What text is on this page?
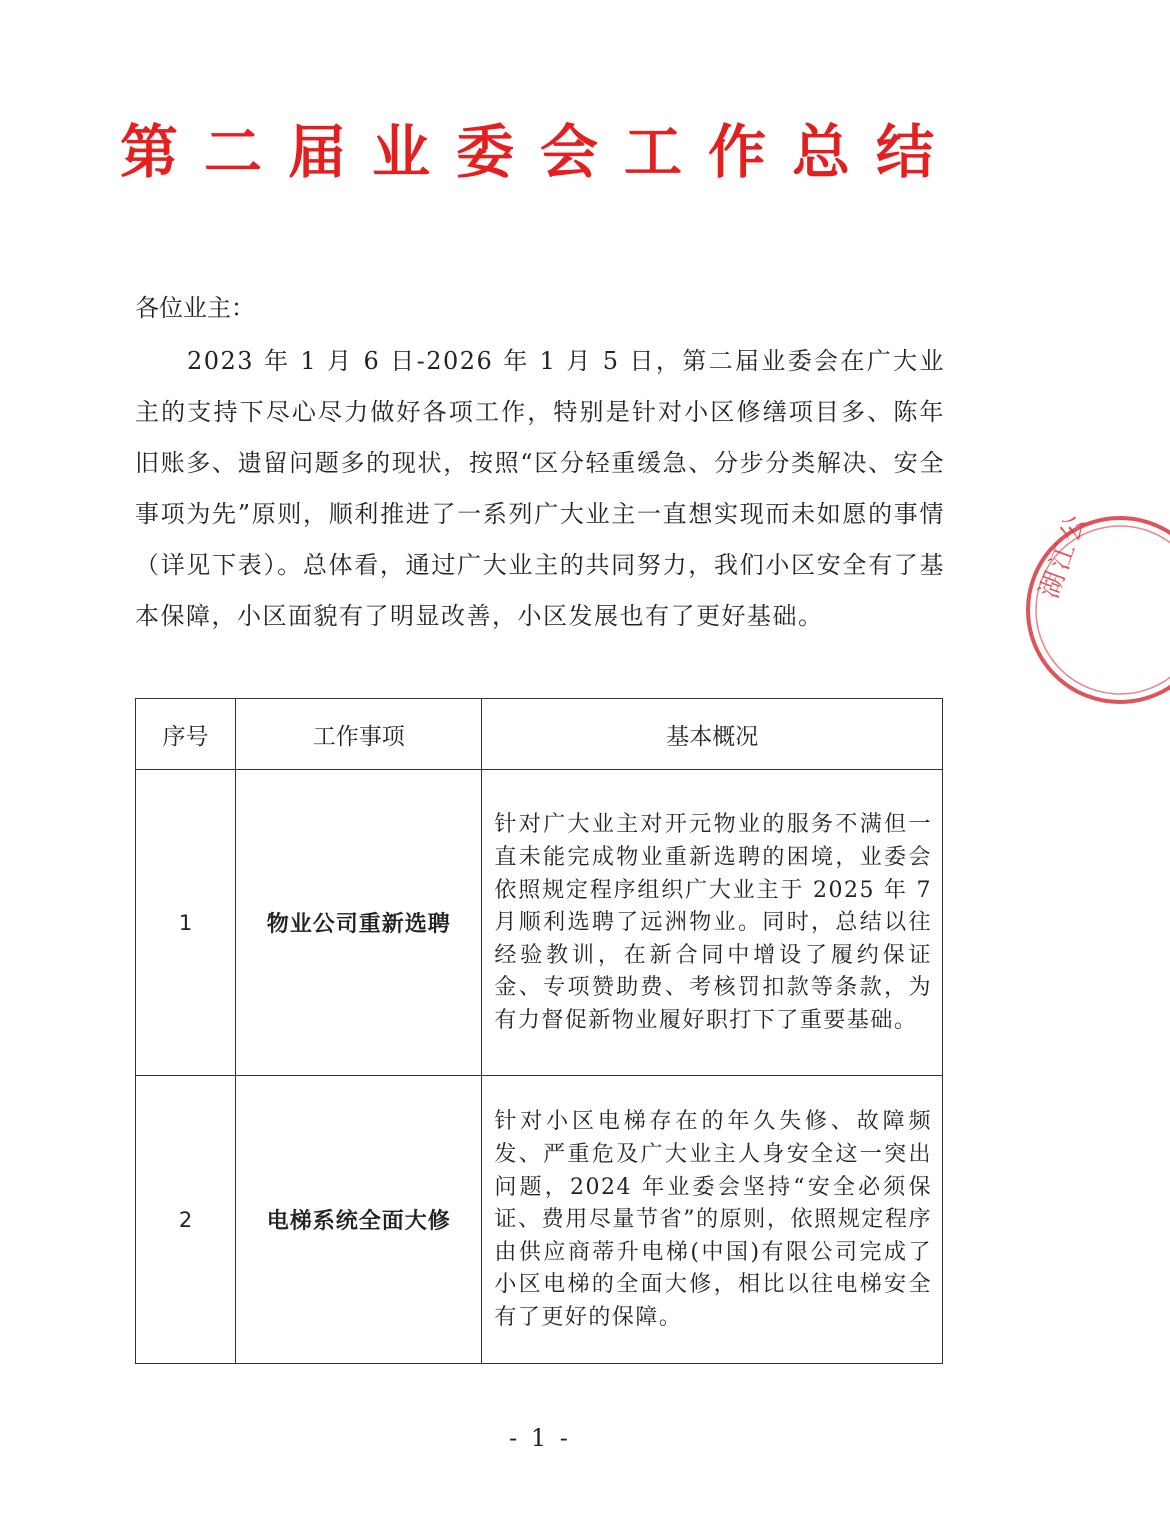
第二届业委会工作总结
各位业主：
2023 年 1 月 6 日-2026 年 1 月 5 日，第二届业委会在广大业主的支持下尽心尽力做好各项工作，特别是针对小区修缮项目多、陈年旧账多、遗留问题多的现状，按照“区分轻重缓急、分步分类解决、安全事项为先”原则，顺利推进了一系列广大业主一直想实现而未如愿的事情（详见下表）。总体看，通过广大业主的共同努力，我们小区安全有了基本保障，小区面貌有了明显改善，小区发展也有了更好基础。
序号	工作事项	基本概况
1	物业公司重新选聘	针对广大业主对开元物业的服务不满但一直未能完成物业重新选聘的困境，业委会依照规定程序组织广大业主于 2025 年 7 月顺利选聘了远洲物业。同时，总结以往经验教训，在新合同中增设了履约保证金、专项赞助费、考核罚扣款等条款，为有力督促新物业履好职打下了重要基础。
2	电梯系统全面大修	针对小区电梯存在的年久失修、故障频发、严重危及广大业主人身安全这一突出问题，2024 年业委会坚持“安全必须保证、费用尽量节省”的原则，依照规定程序由供应商蒂升电梯(中国)有限公司完成了小区电梯的全面大修，相比以往电梯安全有了更好的保障。
- 1 -
湖江公
